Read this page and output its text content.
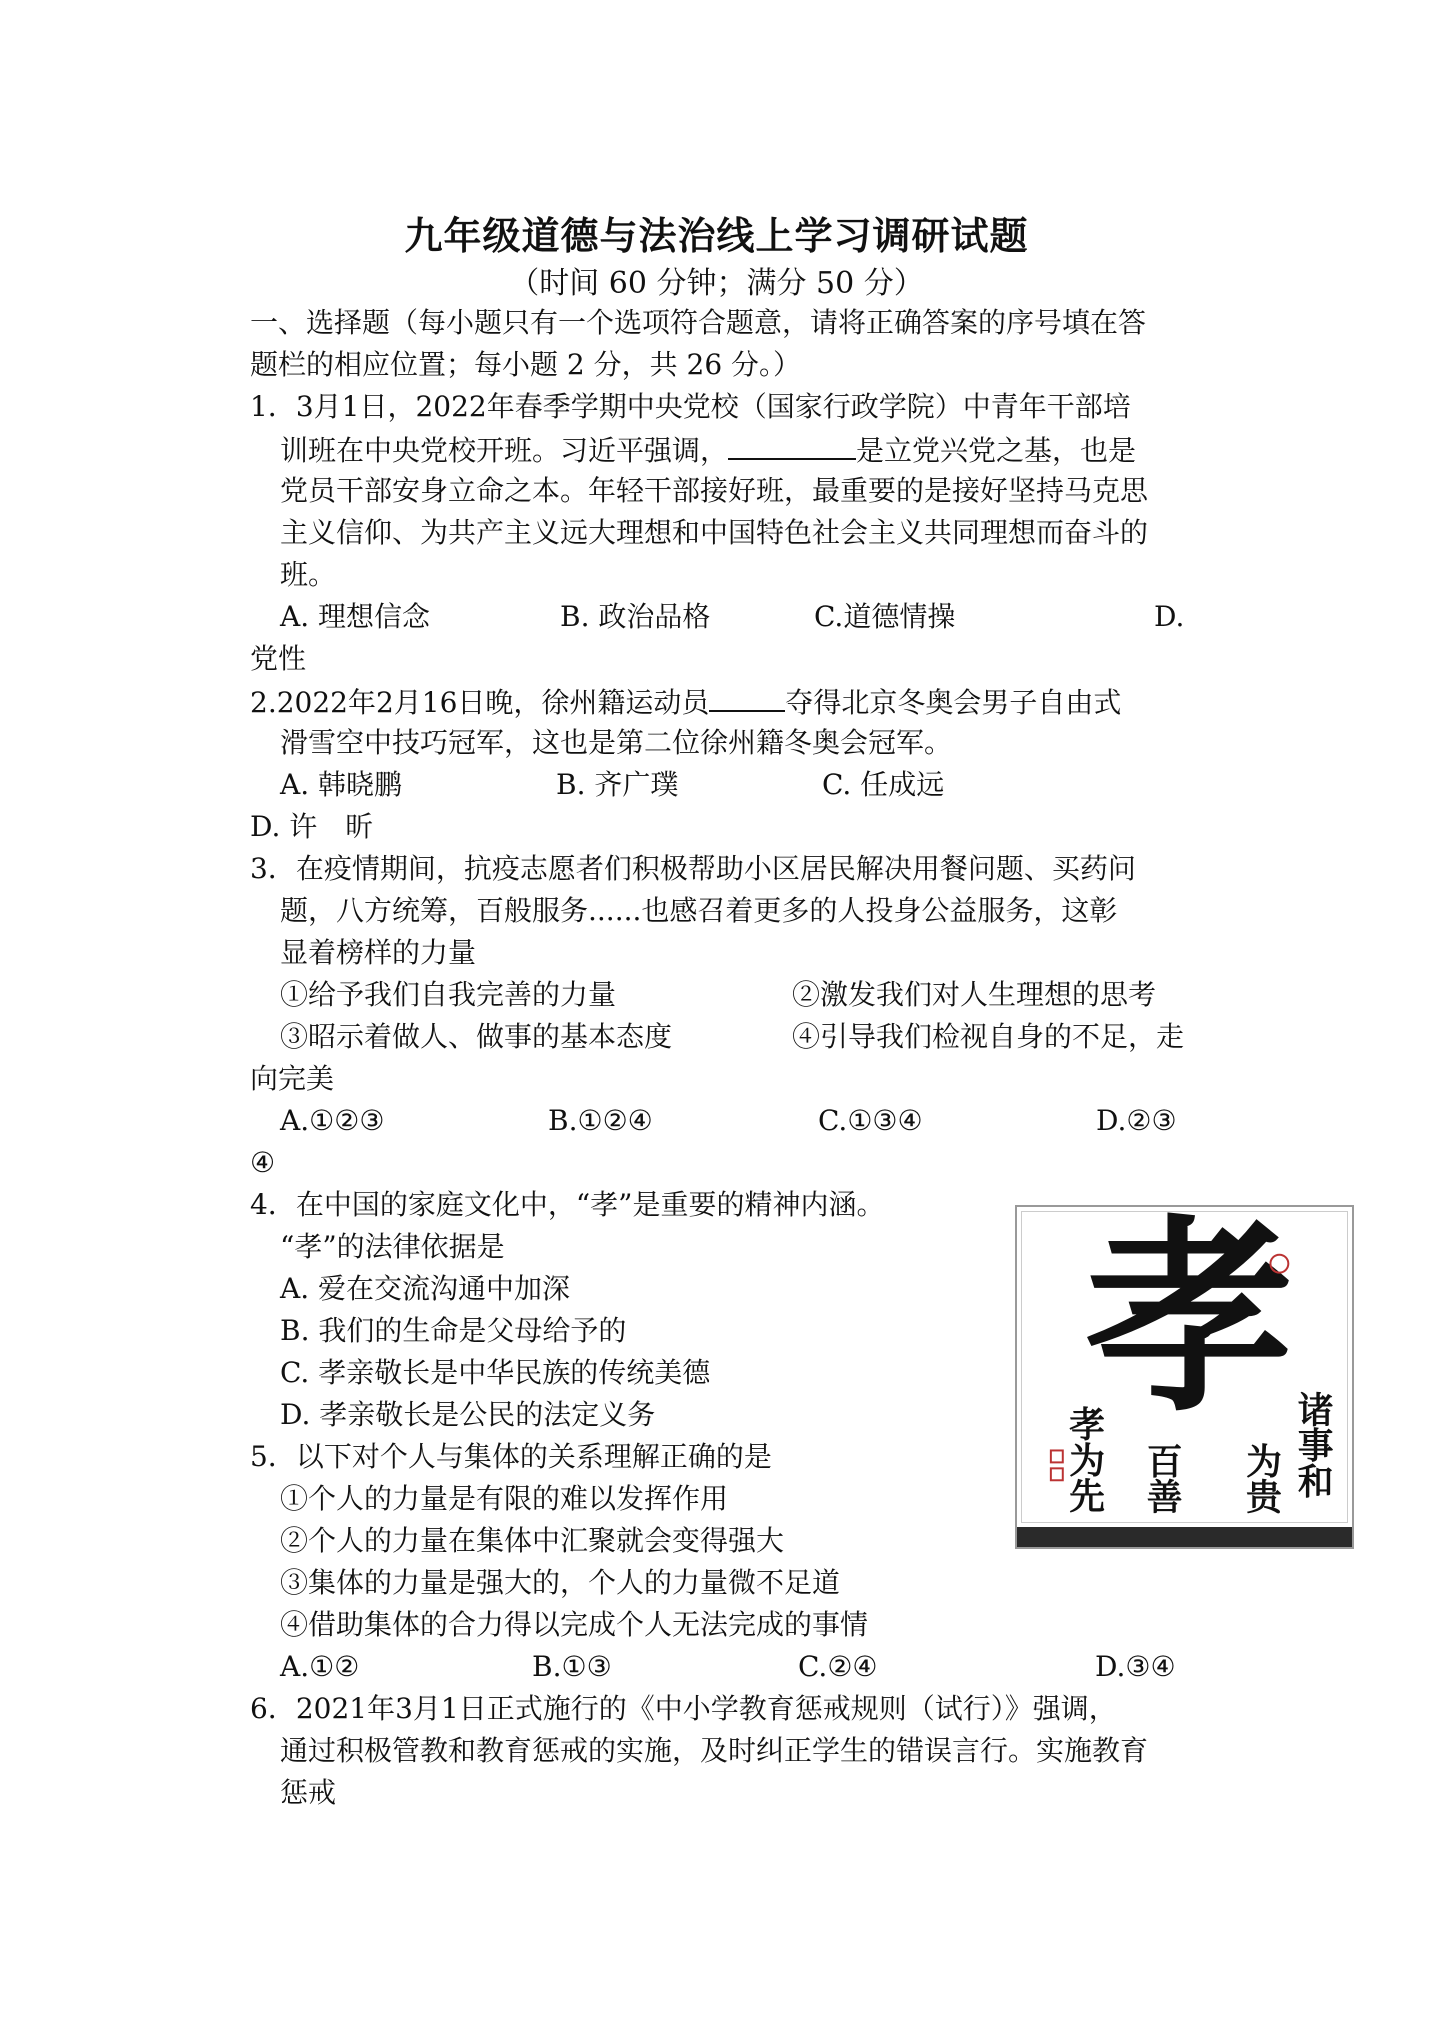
九年级道德与法治线上学习调研试题
（时间 60 分钟；满分 50 分）
一、选择题（每小题只有一个选项符合题意，请将正确答案的序号填在答
题栏的相应位置；每小题 2 分，共 26 分。）
1．3月1日，2022年春季学期中央党校（国家行政学院）中青年干部培
训班在中央党校开班。习近平强调，	是立党兴党之基，也是
党员干部安身立命之本。年轻干部接好班，最重要的是接好坚持马克思
主义信仰、为共产主义远大理想和中国特色社会主义共同理想而奋斗的
班。
A. 理想信念	B. 政治品格	C.道德情操	D.
党性
2.2022年2月16日晚，徐州籍运动员	夺得北京冬奥会男子自由式
滑雪空中技巧冠军，这也是第二位徐州籍冬奥会冠军。
A. 韩晓鹏	B. 齐广璞	C. 任成远
D. 许　昕
3．在疫情期间，抗疫志愿者们积极帮助小区居民解决用餐问题、买药问
题，八方统筹，百般服务......也感召着更多的人投身公益服务，这彰
显着榜样的力量
①给予我们自我完善的力量	②激发我们对人生理想的思考
③昭示着做人、做事的基本态度	④引导我们检视自身的不足，走
向完美
A.①②③	B.①②④	C.①③④	D.②③
④
4．在中国的家庭文化中，“孝”是重要的精神内涵。
“孝”的法律依据是
A. 爱在交流沟通中加深
B. 我们的生命是父母给予的
C. 孝亲敬长是中华民族的传统美德
D. 孝亲敬长是公民的法定义务
5．以下对个人与集体的关系理解正确的是
①个人的力量是有限的难以发挥作用
②个人的力量在集体中汇聚就会变得强大
③集体的力量是强大的，个人的力量微不足道
④借助集体的合力得以完成个人无法完成的事情
A.①②	B.①③	C.②④	D.③④
6．2021年3月1日正式施行的《中小学教育惩戒规则（试行）》强调，
通过积极管教和教育惩戒的实施，及时纠正学生的错误言行。实施教育
惩戒
孝
诸事和
为贵
百善
孝为先
